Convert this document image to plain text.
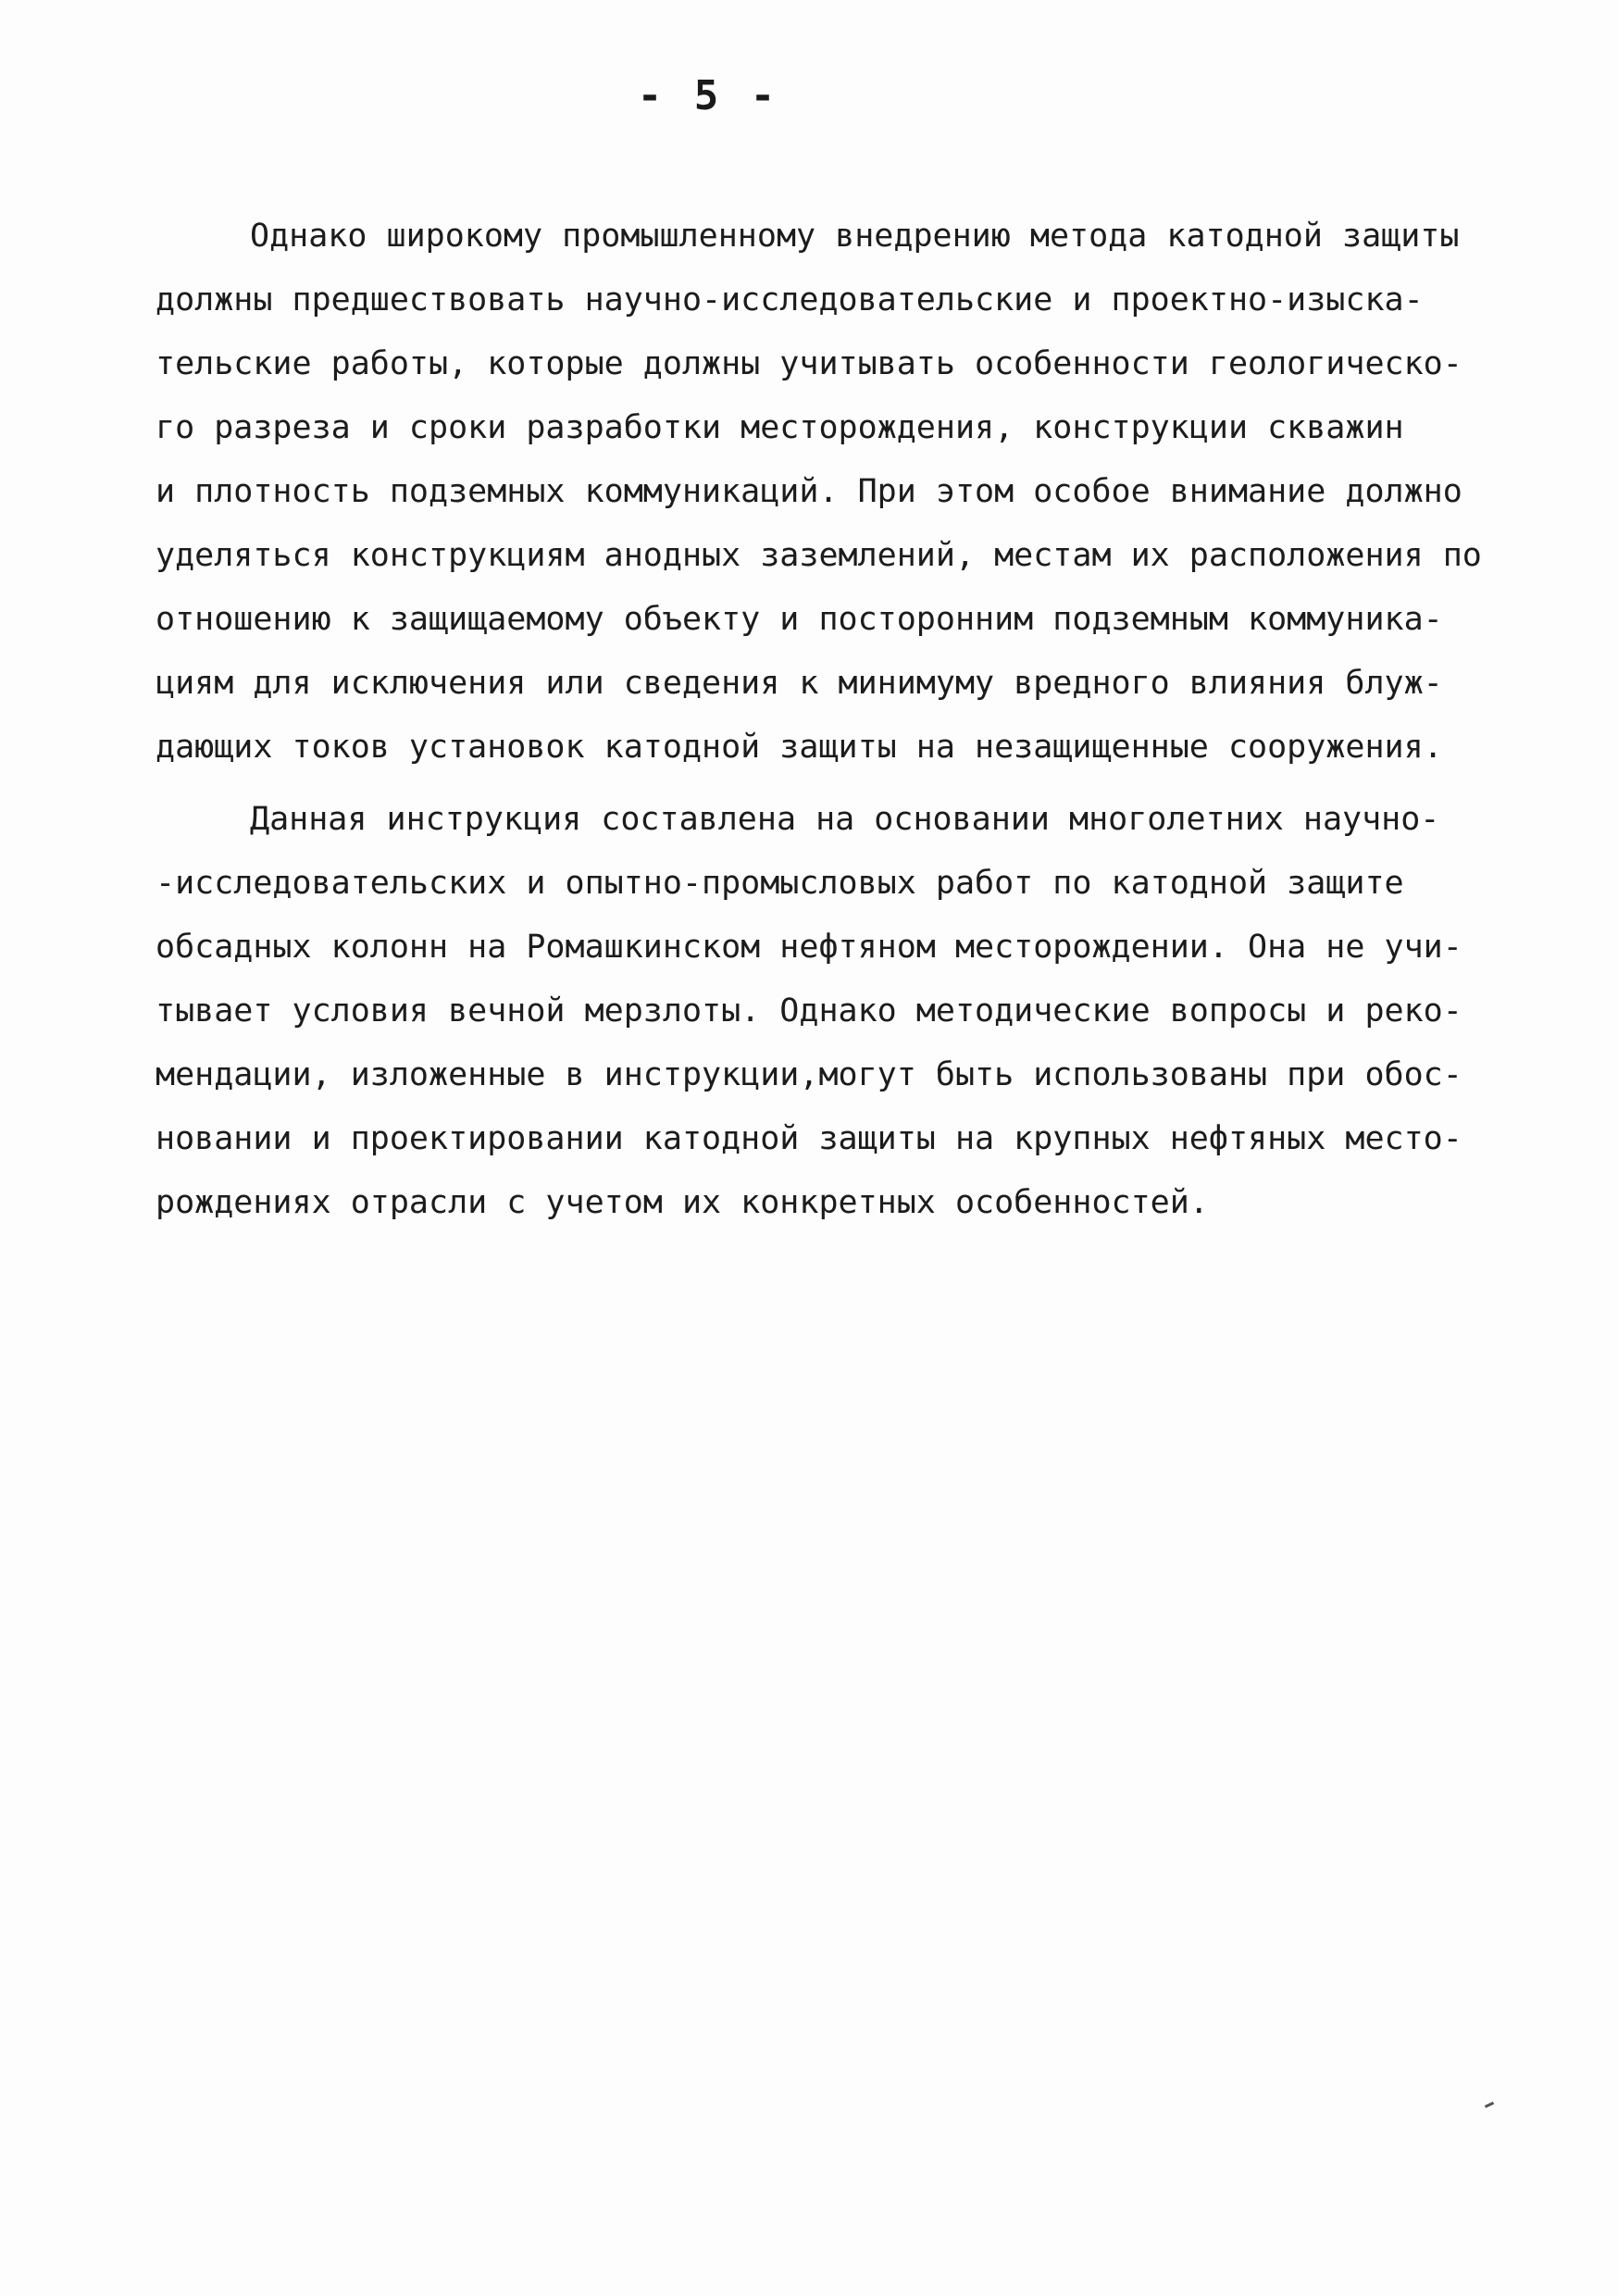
- 5 -
Однако широкому промышленному внедрению метода катодной защиты
должны предшествовать научно-исследовательские и проектно-изыска-
тельские работы, которые должны учитывать особенности геологическо-
го разреза и сроки разработки месторождения, конструкции скважин
и плотность подземных коммуникаций. При этом особое внимание должно
уделяться конструкциям анодных заземлений, местам их расположения по
отношению к защищаемому объекту и посторонним подземным коммуника-
циям для исключения или сведения к минимуму вредного влияния блуж-
дающих токов установок катодной защиты на незащищенные сооружения.
Данная инструкция составлена на основании многолетних научно-
-исследовательских и опытно-промысловых работ по катодной защите
обсадных колонн на Ромашкинском нефтяном месторождении. Она не учи-
тывает условия вечной мерзлоты. Однако методические вопросы и реко-
мендации, изложенные в инструкции,могут быть использованы при обос-
новании и проектировании катодной защиты на крупных нефтяных место-
рождениях отрасли с учетом их конкретных особенностей.
